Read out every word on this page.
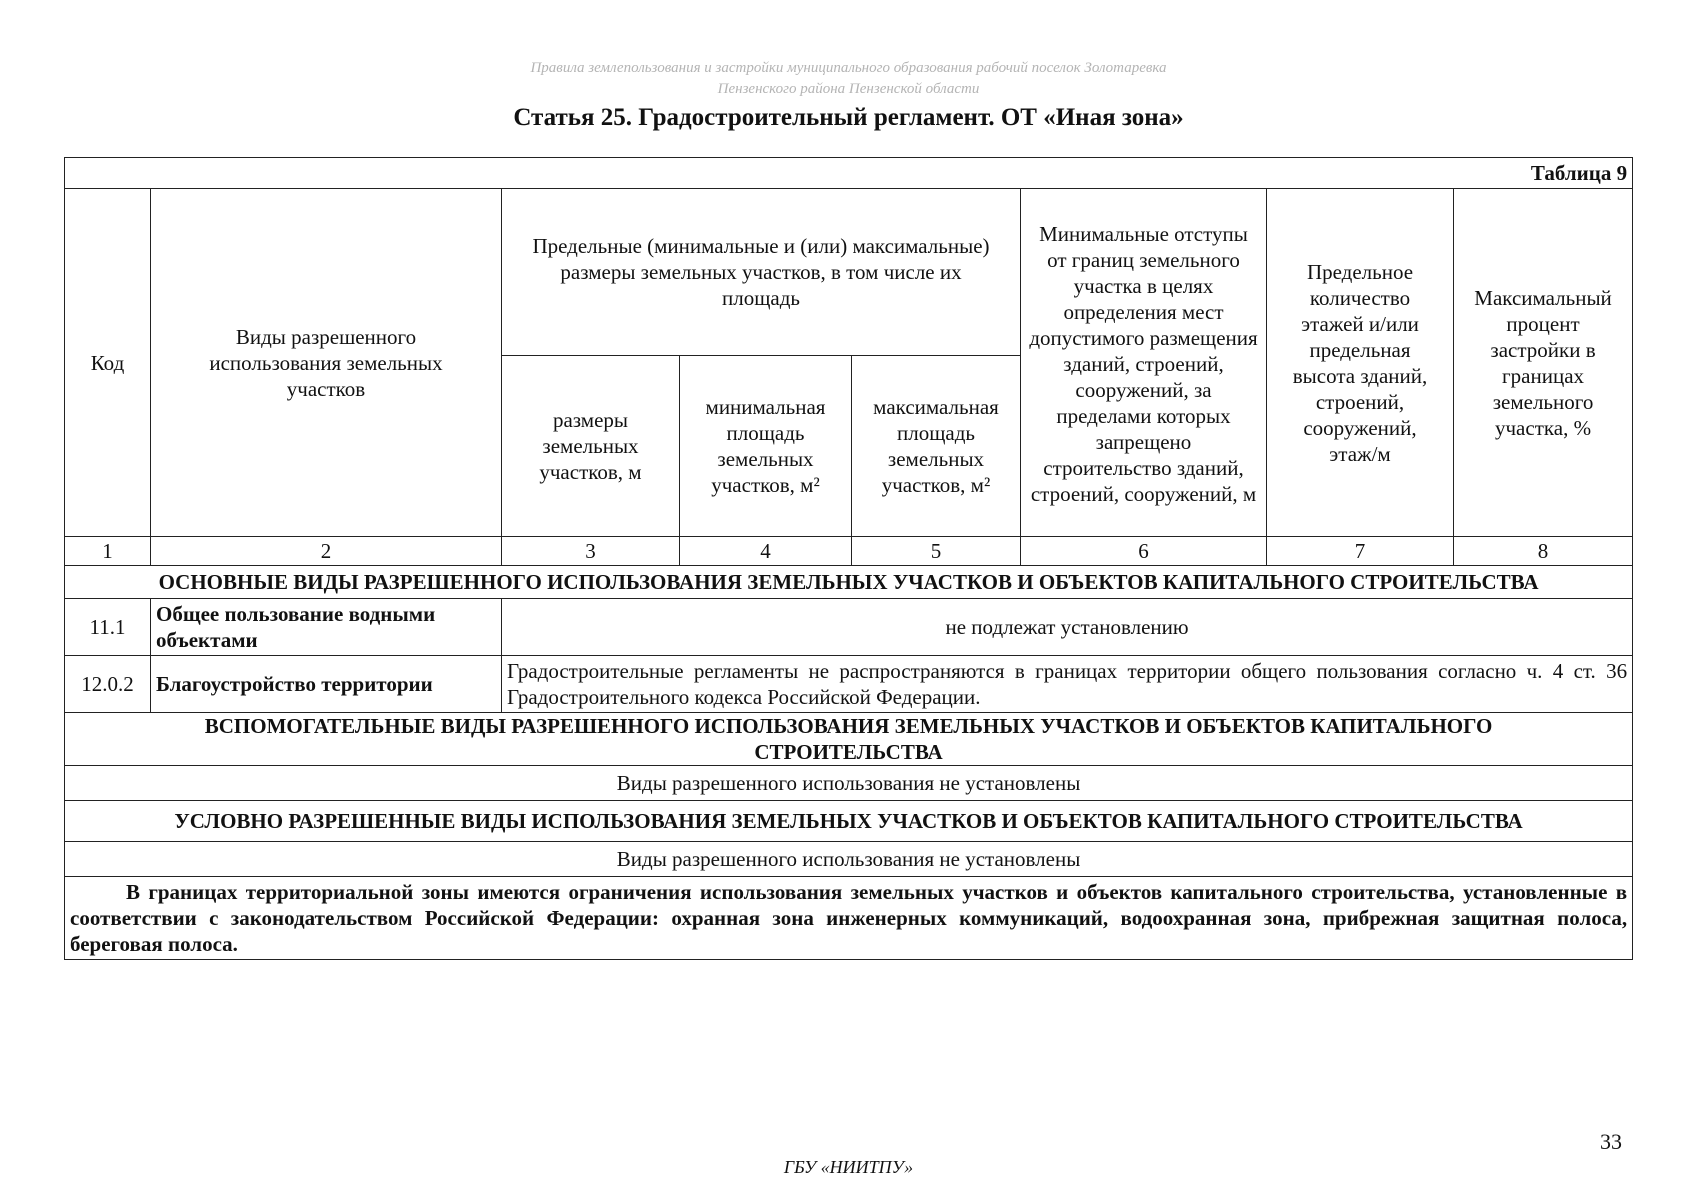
Правила землепользования и застройки муниципального образования рабочий поселок Золотаревка
Пензенского района Пензенской области
Статья 25. Градостроительный регламент. ОТ «Иная зона»
Таблица 9							
Код	Виды разрешенного использования земельных участков	Предельные (минимальные и (или) максимальные) размеры земельных участков, в том числе их площадь			Минимальные отступы от границ земельного участка в целях определения мест допустимого размещения зданий, строений, сооружений, за пределами которых запрещено строительство зданий, строений, сооружений, м	Предельное количество этажей и/или предельная высота зданий, строений, сооружений, этаж/м	Максимальный процент застройки в границах земельного участка, %
		размеры земельных участков, м	минимальная площадь земельных участков, м²	максимальная площадь земельных участков, м²			
1	2	3	4	5	6	7	8
ОСНОВНЫЕ ВИДЫ РАЗРЕШЕННОГО ИСПОЛЬЗОВАНИЯ ЗЕМЕЛЬНЫХ УЧАСТКОВ И ОБЪЕКТОВ КАПИТАЛЬНОГО СТРОИТЕЛЬСТВА							
11.1	Общее пользование водными объектами	не подлежат установлению					
12.0.2	Благоустройство территории	Градостроительные регламенты не распространяются в границах территории общего пользования согласно ч. 4 ст. 36 Градостроительного кодекса Российской Федерации.					
ВСПОМОГАТЕЛЬНЫЕ ВИДЫ РАЗРЕШЕННОГО ИСПОЛЬЗОВАНИЯ ЗЕМЕЛЬНЫХ УЧАСТКОВ И ОБЪЕКТОВ КАПИТАЛЬНОГО СТРОИТЕЛЬСТВА							
Виды разрешенного использования не установлены							
УСЛОВНО РАЗРЕШЕННЫЕ ВИДЫ ИСПОЛЬЗОВАНИЯ ЗЕМЕЛЬНЫХ УЧАСТКОВ И ОБЪЕКТОВ КАПИТАЛЬНОГО СТРОИТЕЛЬСТВА							
Виды разрешенного использования не установлены							
В границах территориальной зоны имеются ограничения использования земельных участков и объектов капитального строительства, установленные в соответствии с законодательством Российской Федерации: охранная зона инженерных коммуникаций, водоохранная зона, прибрежная защитная полоса, береговая полоса.							
33
ГБУ «НИИТПУ»
